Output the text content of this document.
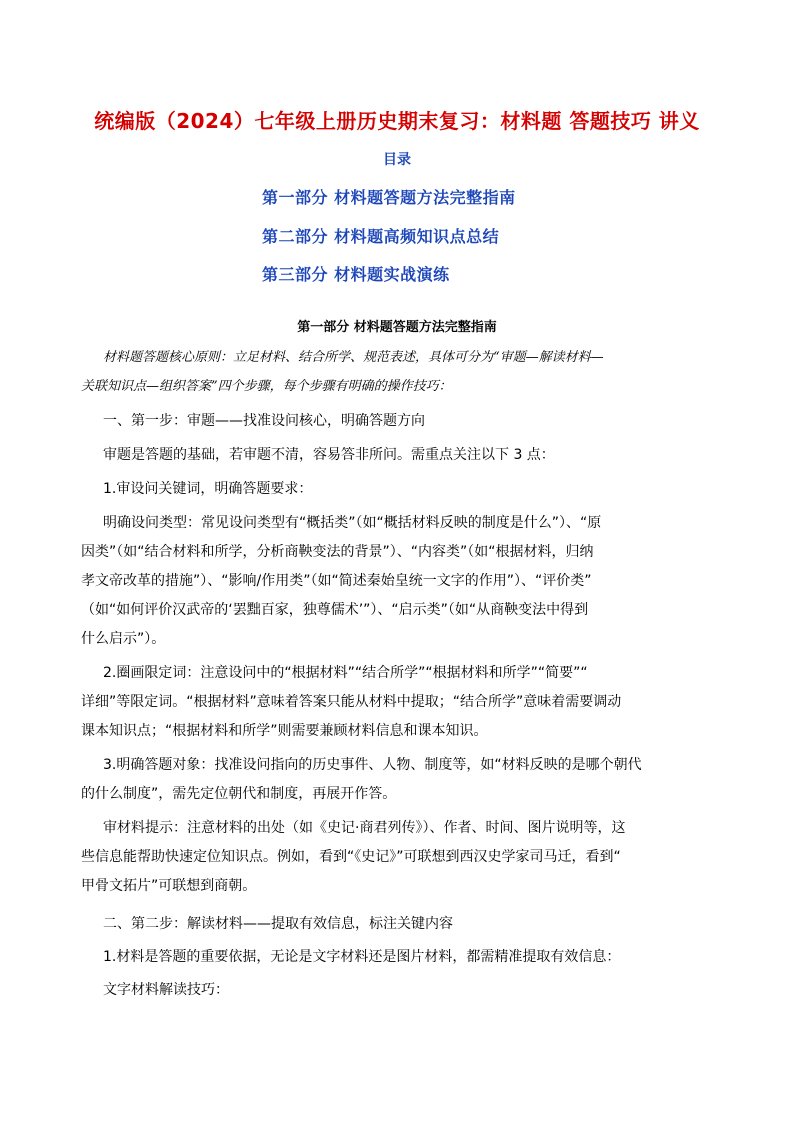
统编版（2024）七年级上册历史期末复习：材料题 答题技巧 讲义
目录
第一部分 材料题答题方法完整指南
第二部分 材料题高频知识点总结
第三部分 材料题实战演练
第一部分 材料题答题方法完整指南
材料题答题核心原则：立足材料、结合所学、规范表述，具体可分为“审题—解读材料—
关联知识点—组织答案”四个步骤，每个步骤有明确的操作技巧：
一、第一步：审题——找准设问核心，明确答题方向
审题是答题的基础，若审题不清，容易答非所问。需重点关注以下 3 点：
1.审设问关键词，明确答题要求：
明确设问类型：常见设问类型有“概括类”（如“概括材料反映的制度是什么”）、“原
因类”（如“结合材料和所学，分析商鞅变法的背景”）、“内容类”（如“根据材料，归纳
孝文帝改革的措施”）、“影响/作用类”（如“简述秦始皇统一文字的作用”）、“评价类”
（如“如何评价汉武帝的‘罢黜百家，独尊儒术’”）、“启示类”（如“从商鞅变法中得到
什么启示”）。
2.圈画限定词：注意设问中的“根据材料”“结合所学”“根据材料和所学”“简要”“
详细”等限定词。“根据材料”意味着答案只能从材料中提取；“结合所学”意味着需要调动
课本知识点；“根据材料和所学”则需要兼顾材料信息和课本知识。
3.明确答题对象：找准设问指向的历史事件、人物、制度等，如“材料反映的是哪个朝代
的什么制度”，需先定位朝代和制度，再展开作答。
审材料提示：注意材料的出处（如《史记·商君列传》）、作者、时间、图片说明等，这
些信息能帮助快速定位知识点。例如，看到“《史记》”可联想到西汉史学家司马迁，看到“
甲骨文拓片”可联想到商朝。
二、第二步：解读材料——提取有效信息，标注关键内容
1.材料是答题的重要依据，无论是文字材料还是图片材料，都需精准提取有效信息：
文字材料解读技巧：
